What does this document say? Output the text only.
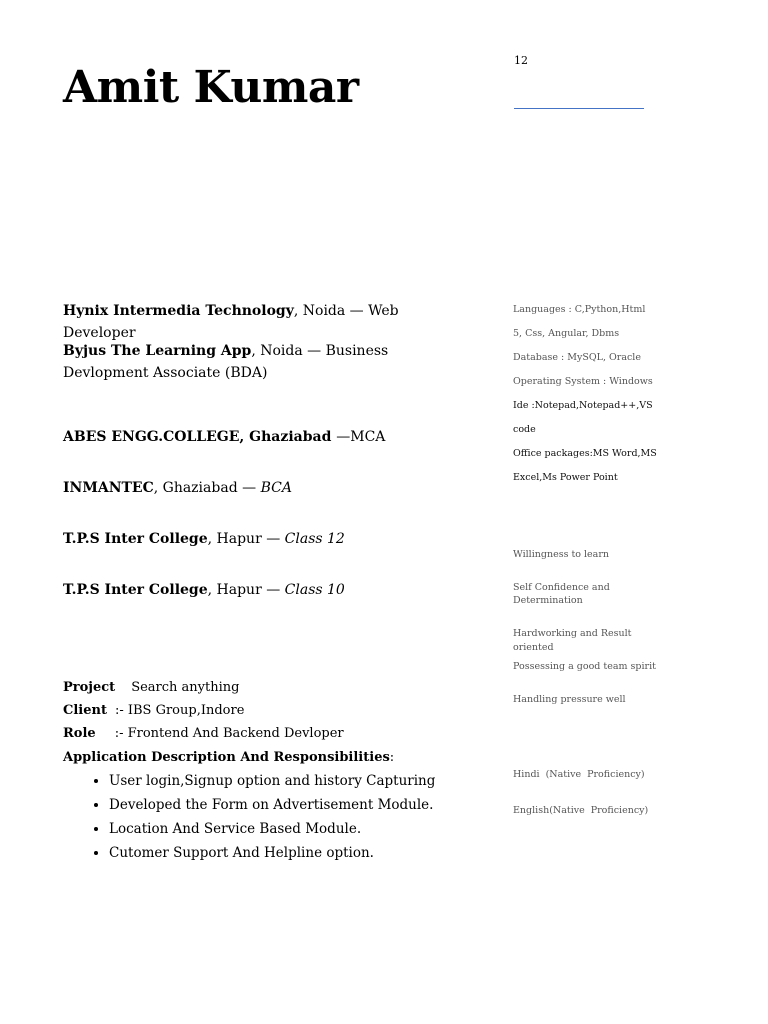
Amit Kumar
12
Hynix Intermedia Technology, Noida — Web Developer
Byjus The Learning App, Noida — Business Devlopment Associate (BDA)
ABES ENGG.COLLEGE, Ghaziabad —MCA
INMANTEC, Ghaziabad — BCA
T.P.S Inter College, Hapur — Class 12
T.P.S Inter College, Hapur — Class 10
Languages : C,Python,Html
5, Css, Angular, Dbms
Database : MySQL, Oracle
Operating System : Windows
Ide :Notepad,Notepad++,VS
code
Office packages:MS Word,MS
Excel,Ms Power Point
Willingness to learn
Self Confidence and Determination
Hardworking and Result oriented
Possessing a good team spirit
Handling pressure well
Hindi (Native Proficiency)
English(Native Proficiency)
Project Search anything
Client :- IBS Group,Indore
Role :- Frontend And Backend Devloper
Application Description And Responsibilities:
• User login,Signup option and history Capturing
• Developed the Form on Advertisement Module.
• Location And Service Based Module.
• Cutomer Support And Helpline option.
